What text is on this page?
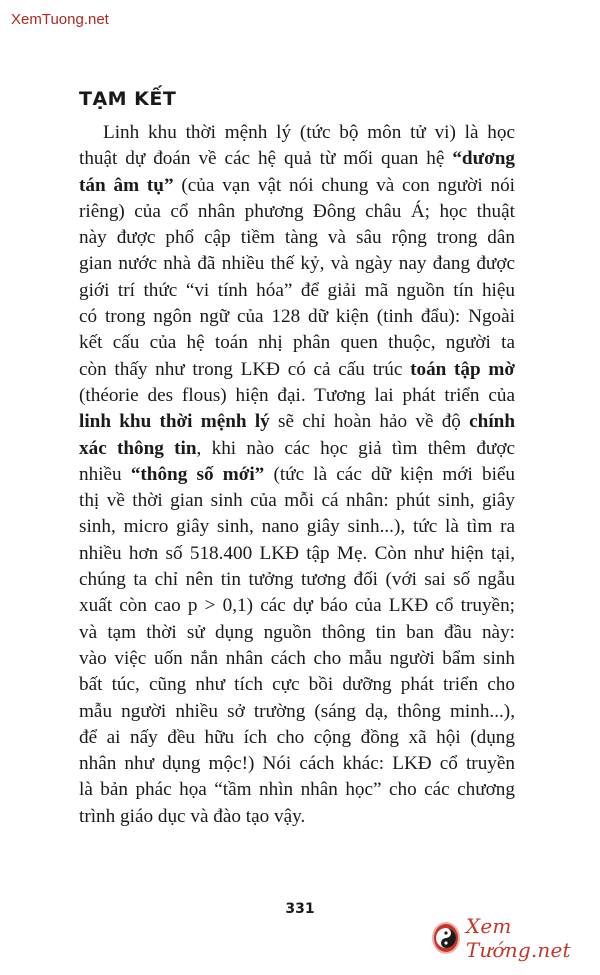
XemTuong.net
TẠM KẾT
Linh khu thời mệnh lý (tức bộ môn tử vi) là học
thuật dự đoán về các hệ quả từ mối quan hệ “dương
tán âm tụ” (của vạn vật nói chung và con người nói
riêng) của cổ nhân phương Đông châu Á; học thuật
này được phổ cập tiềm tàng và sâu rộng trong dân
gian nước nhà đã nhiều thế kỷ, và ngày nay đang được
giới trí thức “vi tính hóa” để giải mã nguồn tín hiệu
có trong ngôn ngữ của 128 dữ kiện (tinh đẩu): Ngoài
kết cấu của hệ toán nhị phân quen thuộc, người ta
còn thấy như trong LKĐ có cả cấu trúc toán tập mờ
(théorie des flous) hiện đại. Tương lai phát triển của
linh khu thời mệnh lý sẽ chỉ hoàn hảo về độ chính
xác thông tin, khi nào các học giả tìm thêm được
nhiều “thông số mới” (tức là các dữ kiện mới biểu
thị về thời gian sinh của mỗi cá nhân: phút sinh, giây
sinh, micro giây sinh, nano giây sinh...), tức là tìm ra
nhiều hơn số 518.400 LKĐ tập Mẹ. Còn như hiện tại,
chúng ta chỉ nên tin tưởng tương đối (với sai số ngẫu
xuất còn cao p > 0,1) các dự báo của LKĐ cổ truyền;
và tạm thời sử dụng nguồn thông tin ban đầu này:
vào việc uốn nắn nhân cách cho mẫu người bẩm sinh
bất túc, cũng như tích cực bồi dưỡng phát triển cho
mẫu người nhiều sở trường (sáng dạ, thông minh...),
để ai nấy đều hữu ích cho cộng đồng xã hội (dụng
nhân như dụng mộc!) Nói cách khác: LKĐ cổ truyền
là bản phác họa “tầm nhìn nhân học” cho các chương
trình giáo dục và đào tạo vậy.
331
Xem Tướng.net
